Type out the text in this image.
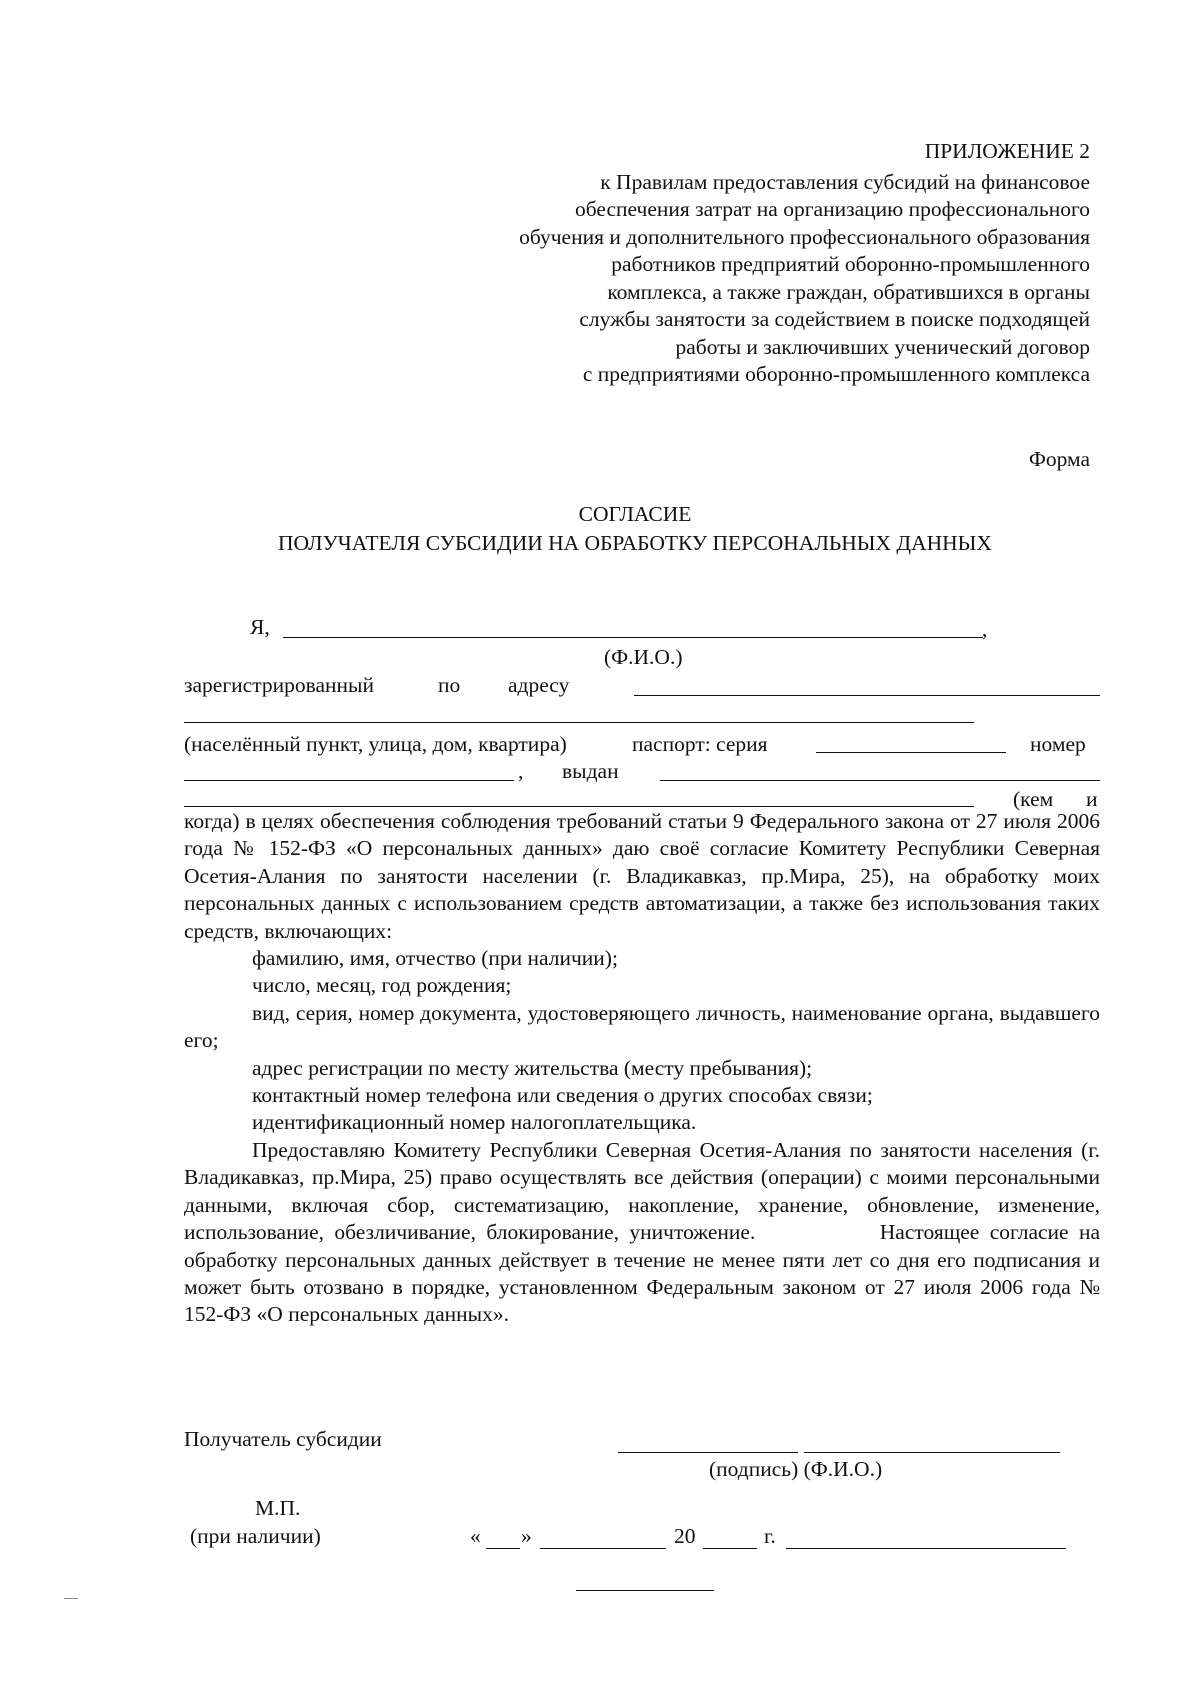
ПРИЛОЖЕНИЕ 2
к Правилам предоставления субсидий на финансовое
обеспечения затрат на организацию профессионального
обучения и дополнительного профессионального образования
работников предприятий оборонно-промышленного
комплекса, а также граждан, обратившихся в органы
службы занятости за содействием в поиске подходящей
работы и заключивших ученический договор
с предприятиями оборонно-промышленного комплекса
Форма
СОГЛАСИЕ
ПОЛУЧАТЕЛЯ СУБСИДИИ НА ОБРАБОТКУ ПЕРСОНАЛЬНЫХ ДАННЫХ
Я,	,
(Ф.И.О.)
зарегистрированный	по адресу
(населённый пункт, улица, дом, квартира)	паспорт: серия	номер
, выдан
(кем и

когда) в целях обеспечения соблюдения требований статьи 9 Федерального закона от 27 июля 2006 года № 152-ФЗ «О персональных данных» даю своё согласие Комитету Республики Северная Осетия-Алания по занятости населении (г. Владикавказ, пр.Мира, 25), на обработку моих персональных данных с использованием средств автоматизации, а также без использования таких средств, включающих:

фамилию, имя, отчество (при наличии);

число, месяц, год рождения;

вид, серия, номер документа, удостоверяющего личность, наименование органа, выдавшего его;

адрес регистрации по месту жительства (месту пребывания);

контактный номер телефона или сведения о других способах связи;

идентификационный номер налогоплательщика.

Предоставляю Комитету Республики Северная Осетия-Алания по занятости населения (г. Владикавказ, пр.Мира, 25) право осуществлять все действия (операции) с моими персональными данными, включая сбор, систематизацию, накопление, хранение, обновление, изменение, использование, обезличивание, блокирование, уничтожение.	Настоящее согласие на обработку персональных данных действует в течение не менее пяти лет со дня его подписания и может быть отозвано в порядке, установленном Федеральным законом от 27 июля 2006 года № 152-ФЗ «О персональных данных».

Получатель субсидии
(подпись) (Ф.И.О.)
М.П.
(при наличии)	« »	20	г.
